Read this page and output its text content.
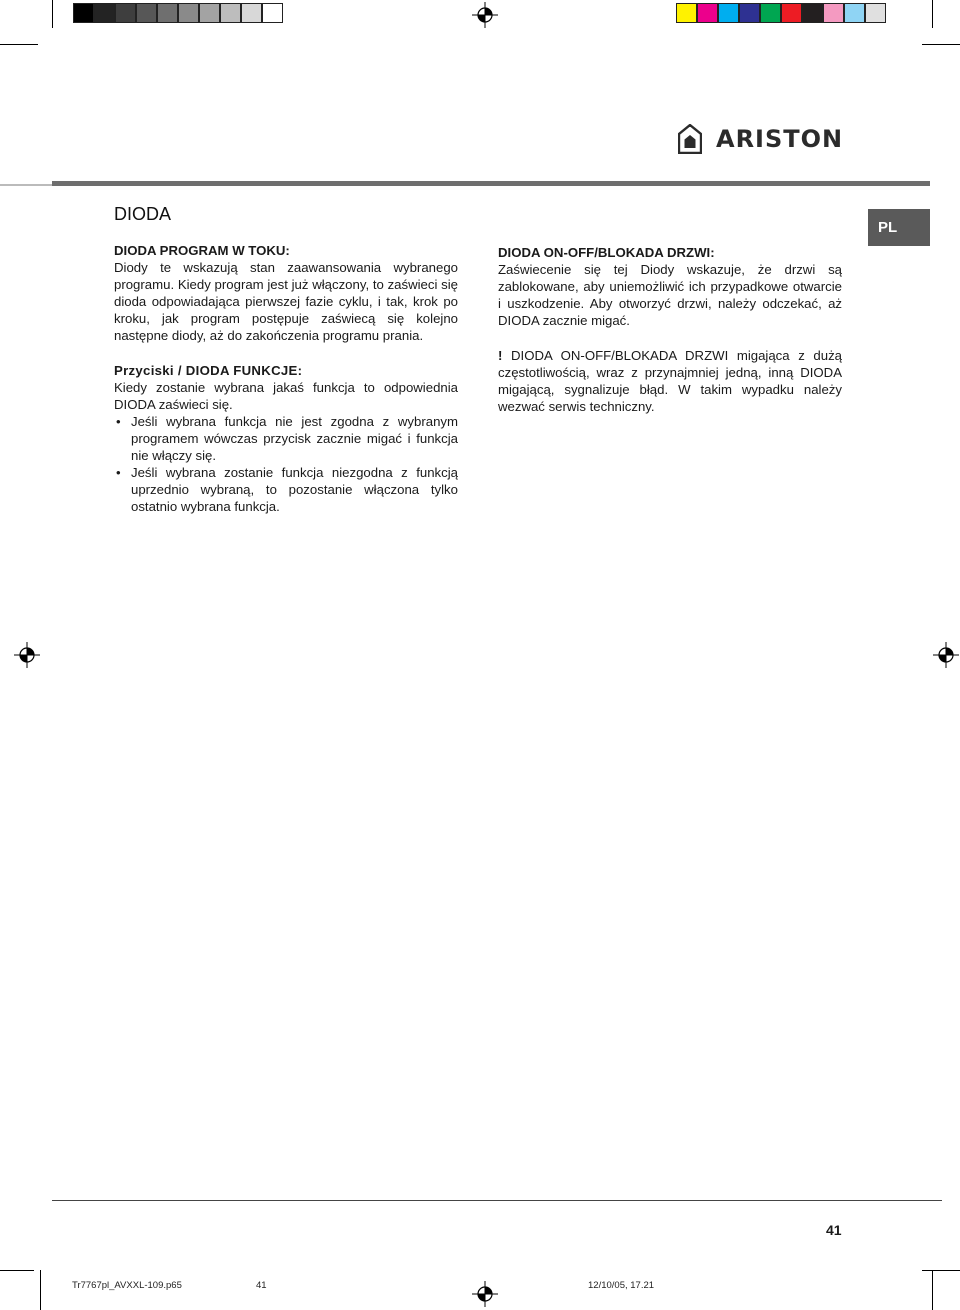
ARISTON
DIODA
PL

DIODA PROGRAM W TOKU:

Diody te wskazują stan zaawansowania wybranego programu. Kiedy program jest już włączony, to zaświeci się dioda odpowiadająca pierwszej fazie cyklu, i tak, krok po kroku, jak program postępuje zaświecą się kolejno następne diody, aż do zakończenia programu prania.

Przyciski / DIODA FUNKCJE:

Kiedy zostanie wybrana jakaś funkcja to odpowiednia DIODA zaświeci się.

• Jeśli wybrana funkcja nie jest zgodna z wybranym programem wówczas przycisk zacznie migać i funkcja nie włączy się.
• Jeśli wybrana zostanie funkcja niezgodna z funkcją uprzednio wybraną, to pozostanie włączona tylko ostatnio wybrana funkcja.

DIODA ON-OFF/BLOKADA DRZWI:

Zaświecenie się tej Diody wskazuje, że drzwi są zablokowane, aby uniemożliwić ich przypadkowe otwarcie i uszkodzenie. Aby otworzyć drzwi, należy odczekać, aż DIODA zacznie migać.

! DIODA ON-OFF/BLOKADA DRZWI migająca z dużą częstotliwością, wraz z przynajmniej jedną, inną DIODA migającą, sygnalizuje błąd. W takim wypadku należy wezwać serwis techniczny.

41
Tr7767pl_AVXXL-109.p65	41	12/10/05, 17.21
